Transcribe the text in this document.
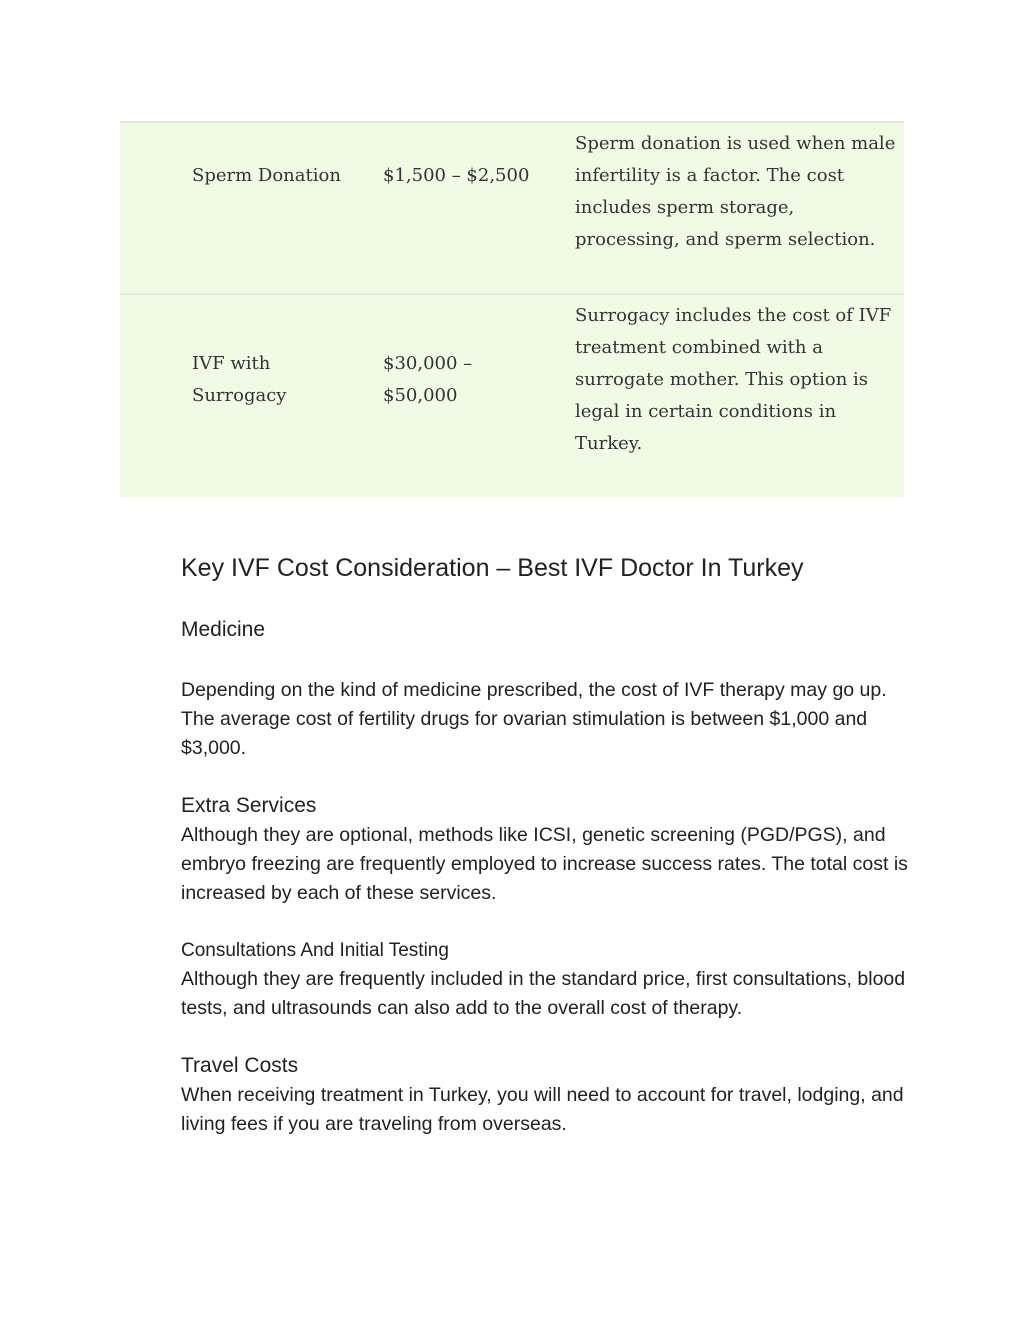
Sperm Donation	$1,500 – $2,500
Sperm donation is used when male infertility is a factor. The cost includes sperm storage, processing, and sperm selection.
IVF with Surrogacy
$30,000 – $50,000
Surrogacy includes the cost of IVF treatment combined with a surrogate mother. This option is legal in certain conditions in Turkey.
Key IVF Cost Consideration – Best IVF Doctor In Turkey
Medicine

Depending on the kind of medicine prescribed, the cost of IVF therapy may go up. The average cost of fertility drugs for ovarian stimulation is between $1,000 and $3,000.

Extra Services

Although they are optional, methods like ICSI, genetic screening (PGD/PGS), and embryo freezing are frequently employed to increase success rates. The total cost is increased by each of these services.

Consultations And Initial Testing

Although they are frequently included in the standard price, first consultations, blood tests, and ultrasounds can also add to the overall cost of therapy.

Travel Costs

When receiving treatment in Turkey, you will need to account for travel, lodging, and living fees if you are traveling from overseas.
